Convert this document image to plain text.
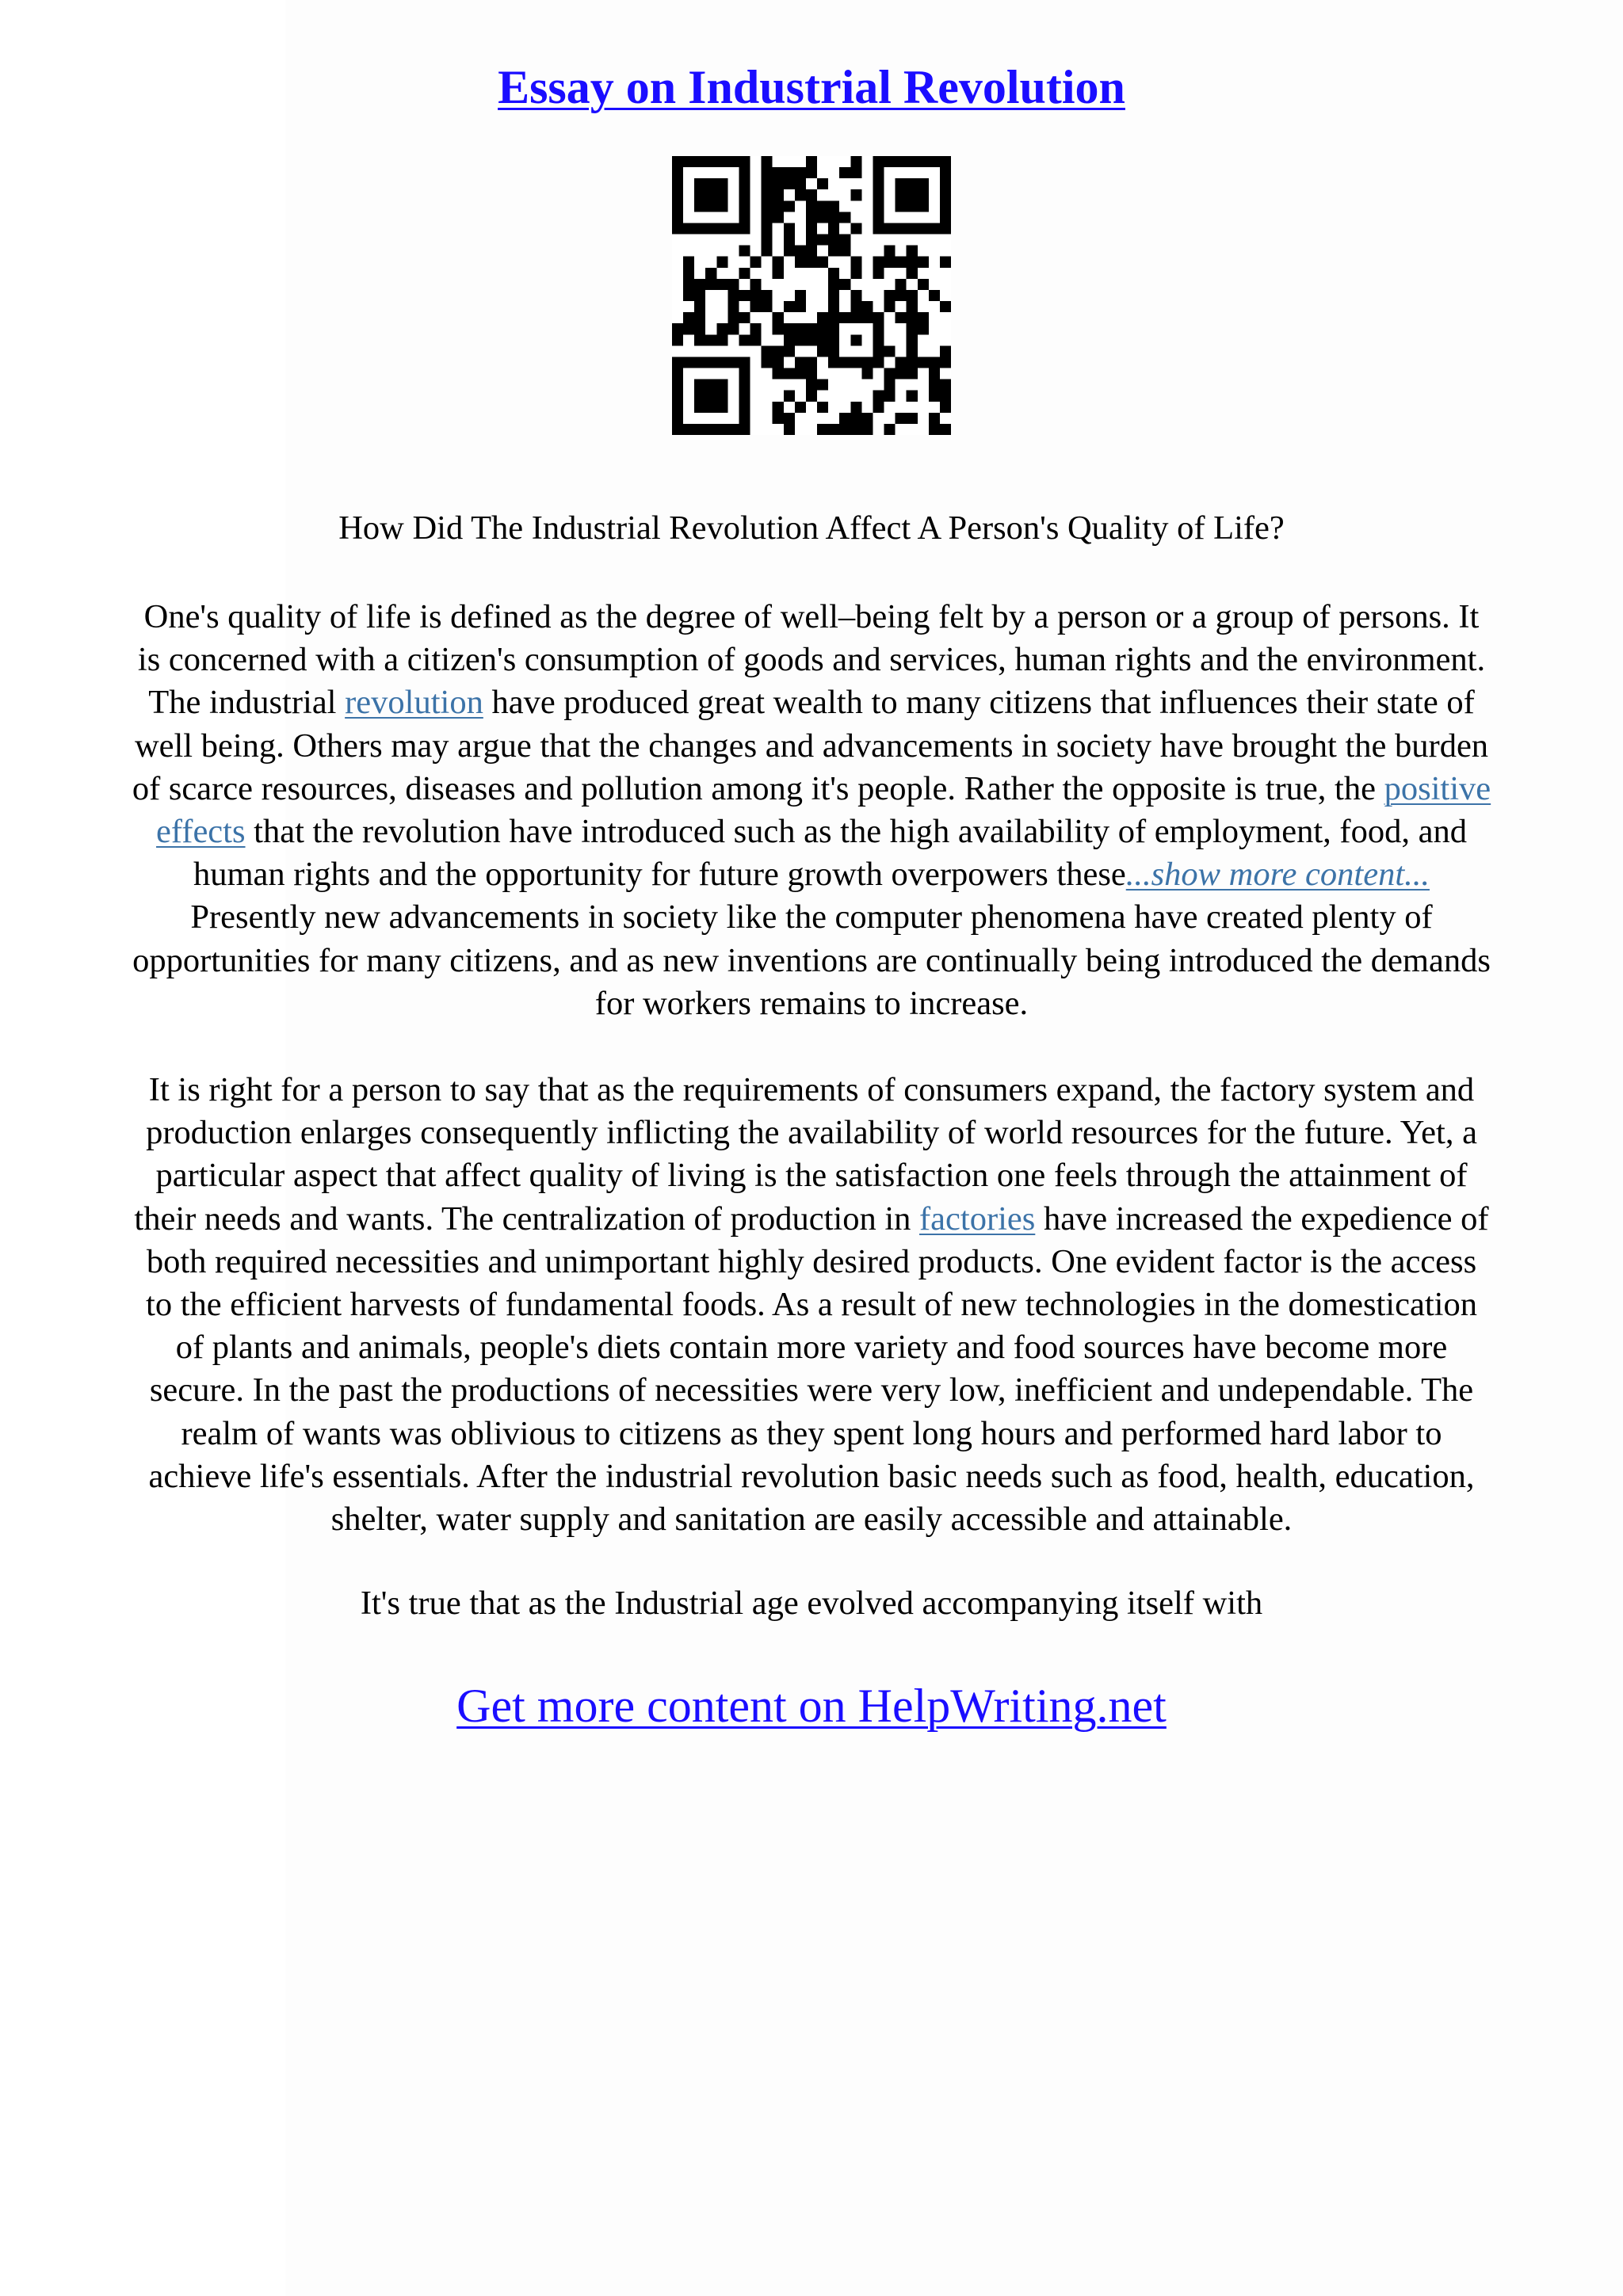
Essay on Industrial Revolution

How Did The Industrial Revolution Affect A Person's Quality of Life?

One's quality of life is defined as the degree of well–being felt by a person or a group of persons. It
is concerned with a citizen's consumption of goods and services, human rights and the environment.
The industrial revolution have produced great wealth to many citizens that influences their state of
well being. Others may argue that the changes and advancements in society have brought the burden
of scarce resources, diseases and pollution among it's people. Rather the opposite is true, the positive
effects that the revolution have introduced such as the high availability of employment, food, and
human rights and the opportunity for future growth overpowers these...show more content...
Presently new advancements in society like the computer phenomena have created plenty of
opportunities for many citizens, and as new inventions are continually being introduced the demands
for workers remains to increase.

It is right for a person to say that as the requirements of consumers expand, the factory system and
production enlarges consequently inflicting the availability of world resources for the future. Yet, a
particular aspect that affect quality of living is the satisfaction one feels through the attainment of
their needs and wants. The centralization of production in factories have increased the expedience of
both required necessities and unimportant highly desired products. One evident factor is the access
to the efficient harvests of fundamental foods. As a result of new technologies in the domestication
of plants and animals, people's diets contain more variety and food sources have become more
secure. In the past the productions of necessities were very low, inefficient and undependable. The
realm of wants was oblivious to citizens as they spent long hours and performed hard labor to
achieve life's essentials. After the industrial revolution basic needs such as food, health, education,
shelter, water supply and sanitation are easily accessible and attainable.

It's true that as the Industrial age evolved accompanying itself with

Get more content on HelpWriting.net
